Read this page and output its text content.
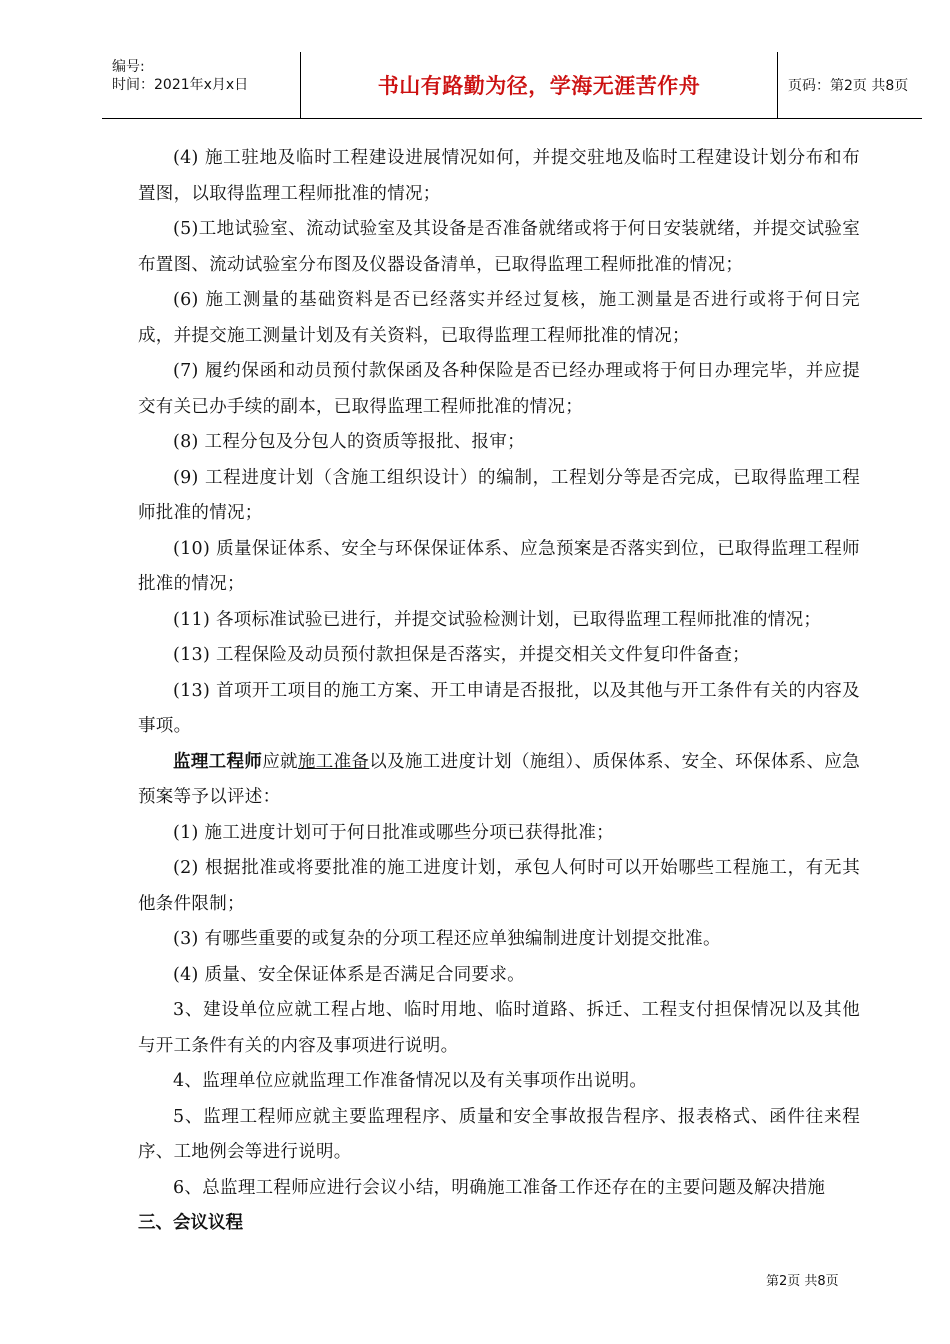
编号:
时间：2021年x月x日	书山有路勤为径，学海无涯苦作舟	页码：第2页 共8页

(4) 施工驻地及临时工程建设进展情况如何，并提交驻地及临时工程建设计划分布和布置图，以取得监理工程师批准的情况；

(5)工地试验室、流动试验室及其设备是否准备就绪或将于何日安装就绪，并提交试验室布置图、流动试验室分布图及仪器设备清单，已取得监理工程师批准的情况；

(6) 施工测量的基础资料是否已经落实并经过复核，施工测量是否进行或将于何日完成，并提交施工测量计划及有关资料，已取得监理工程师批准的情况；

(7) 履约保函和动员预付款保函及各种保险是否已经办理或将于何日办理完毕，并应提交有关已办手续的副本，已取得监理工程师批准的情况；

(8) 工程分包及分包人的资质等报批、报审；

(9) 工程进度计划（含施工组织设计）的编制，工程划分等是否完成，已取得监理工程师批准的情况；

(10) 质量保证体系、安全与环保保证体系、应急预案是否落实到位，已取得监理工程师批准的情况；

(11) 各项标准试验已进行，并提交试验检测计划，已取得监理工程师批准的情况；

(13) 工程保险及动员预付款担保是否落实，并提交相关文件复印件备查；

(13) 首项开工项目的施工方案、开工申请是否报批，以及其他与开工条件有关的内容及事项。

监理工程师应就施工准备以及施工进度计划（施组）、质保体系、安全、环保体系、应急预案等予以评述：

(1) 施工进度计划可于何日批准或哪些分项已获得批准；

(2) 根据批准或将要批准的施工进度计划，承包人何时可以开始哪些工程施工，有无其他条件限制；

(3) 有哪些重要的或复杂的分项工程还应单独编制进度计划提交批准。

(4) 质量、安全保证体系是否满足合同要求。

3、建设单位应就工程占地、临时用地、临时道路、拆迁、工程支付担保情况以及其他与开工条件有关的内容及事项进行说明。

4、监理单位应就监理工作准备情况以及有关事项作出说明。

5、监理工程师应就主要监理程序、质量和安全事故报告程序、报表格式、函件往来程序、工地例会等进行说明。

6、总监理工程师应进行会议小结，明确施工准备工作还存在的主要问题及解决措施

三、会议议程

第2页 共8页
